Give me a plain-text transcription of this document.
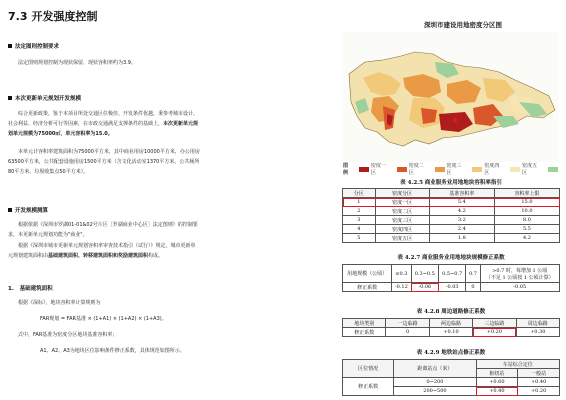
7.3 开发强度控制
法定图则控制要求
法定图则规划控制为现状保留，现状容积率约为3.9。
本次更新单元规划开发规模
综合更新政策，鉴于本项目所处交通区位极佳、开发条件优越，秉参考城市设计、
社会利益、经济分析可行等因素，在市政交通满足支撑条件的基础上，本次更新单元规
划单元规模为75000㎡，单元容积率为15.0。
本单元计容积率建筑面积为75000平方米，其中商业用房10000平方米，办公用房
63500平方米，公共配套设施用房1500平方米（含文化活动室1370平方米，公共厕所
80平方米，垃圾收集点50平方米）。
开发规模测算
根据依据《深圳市罗湖01-01&02号片区［罗湖商业中心区］法定图则》的控制要
求，本更新单元规划功能为"商业"。
根据《深圳市城市更新单元规划容积率审查技术指引（试行）》规定，城市更新单
元规划建筑面积由基础建筑面积、转移建筑面积和奖励建筑面积构成。
1. 基础建筑面积
根据《深标》，地块容积率计算规则为
FAR规划 = FAR基准 × (1+A1) × (1+A2) × (1+A3)。
式中，FAR基准为密度分区地块基准容积率；
A1、A2、A3为地块区位影响条件修正系数，具体规范如图所示。
深圳市建设用地密度分区图
图例
密度一区
密度二区
密度三区
密度四区
密度五区
表 4.2.5 商业服务业用地地块容积率指引
分区	密度分区	基准容积率	容积率上限
1	密度一区	5.4	15.0
2	密度二区	4.2	10.0
3	密度三区	3.2	8.0
4	密度四区	2.4	5.5
5	密度五区	1.8	4.2
表 4.2.7 商业服务业用地地块规模修正系数
用地规模（公顷）	≤0.3	0.3~0.5	0.5~0.7	0.7	>0.7 时，每增加 1 公顷
（不足 1 公顷按 1 公顷计算）
修正系数	-0.12	-0.06	-0.03	0	-0.05
表 4.2.8 周边道路修正系数
地块类别	一边临路	两边临路	三边临路	周边临路
修正系数	0	+0.10	+0.20	+0.30
表 4.2.9 地铁站点修正系数
区位情况	距离站点（米）	车站综合定位	
		枢纽站	一般站
修正系数	0~200	+0.60	+0.40
	200~500	+0.40	+0.20
